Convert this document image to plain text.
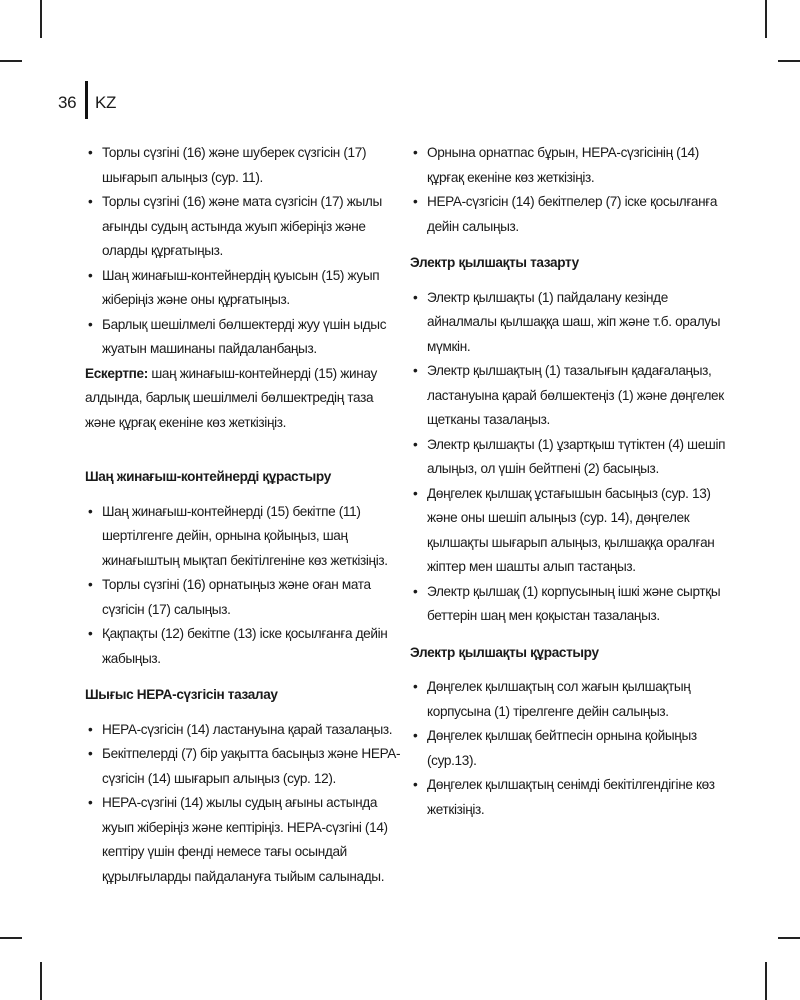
36 KZ
• Торлы сүзгіні (16) және шуберек сүзгісін (17) шығарып алыңыз (сур. 11).
• Торлы сүзгіні (16) және мата сүзгісін (17) жылы ағынды судың астында жуып жіберіңіз және оларды құрғатыңыз.
• Шаң жинағыш-контейнердің қуысын (15) жуып жіберіңіз және оны құрғатыңыз.
• Барлық шешілмелі бөлшектерді жуу үшін ыдыс жуатын машинаны пайдаланбаңыз.

Ескертпе: шаң жинағыш-контейнерді (15) жинау алдында, барлық шешілмелі бөлшектредің таза және құрғақ екеніне көз жеткізіңіз.

Шаң жинағыш-контейнерді құрастыру
• Шаң жинағыш-контейнерді (15) бекітпе (11) шертілгенге дейін, орнына қойыңыз, шаң жинағыштың мықтап бекітілгеніне көз жеткізіңіз.
• Торлы сүзгіні (16) орнатыңыз және оған мата сүзгісін (17) салыңыз.
• Қақпақты (12) бекітпе (13) іске қосылғанға дейін жабыңыз.
Шығыс HEPA-сүзгісін тазалау
• HEPA-сүзгісін (14) ластануына қарай тазалаңыз.
• Бекітпелерді (7) бір уақытта басыңыз және HEPA-сүзгісін (14) шығарып алыңыз (сур. 12).
• HEPA-сүзгіні (14) жылы судың ағыны астында жуып жіберіңіз және кептіріңіз. HEPA-сүзгіні (14) кептіру үшін фенді немесе тағы осындай құрылғыларды пайдалануға тыйым салынады.
• Орнына орнатпас бұрын, HEPA-сүзгісінің (14) құрғақ екеніне көз жеткізіңіз.
• HEPA-сүзгісін (14) бекітпелер (7) іске қосылғанға дейін салыңыз.
Электр қылшақты тазарту
• Электр қылшақты (1) пайдалану кезінде айналмалы қылшаққа шаш, жіп және т.б. оралуы мүмкін.
• Электр қылшақтың (1) тазалығын қадағалаңыз, ластануына қарай бөлшектеңіз (1) және дөңгелек щетканы тазалаңыз.
• Электр қылшақты (1) ұзартқыш түтіктен (4) шешіп алыңыз, ол үшін бейтпені (2) басыңыз.
• Дөңгелек қылшақ ұстағышын басыңыз (сур. 13) және оны шешіп алыңыз (сур. 14), дөңгелек қылшақты шығарып алыңыз, қылшаққа оралған жіптер мен шашты алып тастаңыз.
• Электр қылшақ (1) корпусының ішкі және сыртқы беттерін шаң мен қоқыстан тазалаңыз.
Электр қылшақты құрастыру
• Дөңгелек қылшақтың сол жағын қылшақтың корпусына (1) тірелгенге дейін салыңыз.
• Дөңгелек қылшақ бейтпесін орнына қойыңыз (сур.13).
• Дөңгелек қылшақтың сенімді бекітілгендігіне көз жеткізіңіз.
